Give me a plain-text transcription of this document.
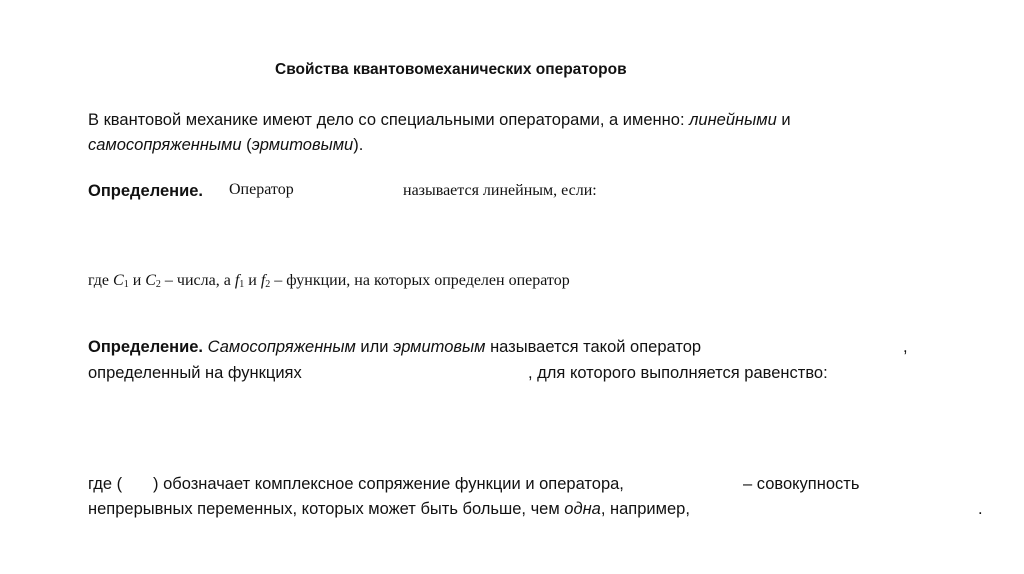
Свойства квантовомеханических операторов
В квантовой механике имеют дело со специальными операторами, а именно: линейными и
самосопряженными (эрмитовыми).
Определение. Оператор	называется линейным, если:
где $C_1$ и $C_2$ – числа, а $f_1$ и $f_2$ – функции, на которых определен оператор
Определение. Самосопряженным или эрмитовым называется такой оператор	,
определенный на функциях	, для которого выполняется равенство:
где ( ) обозначает комплексное сопряжение функции и оператора,	– совокупность
непрерывных переменных, которых может быть больше, чем одна, например,	.
